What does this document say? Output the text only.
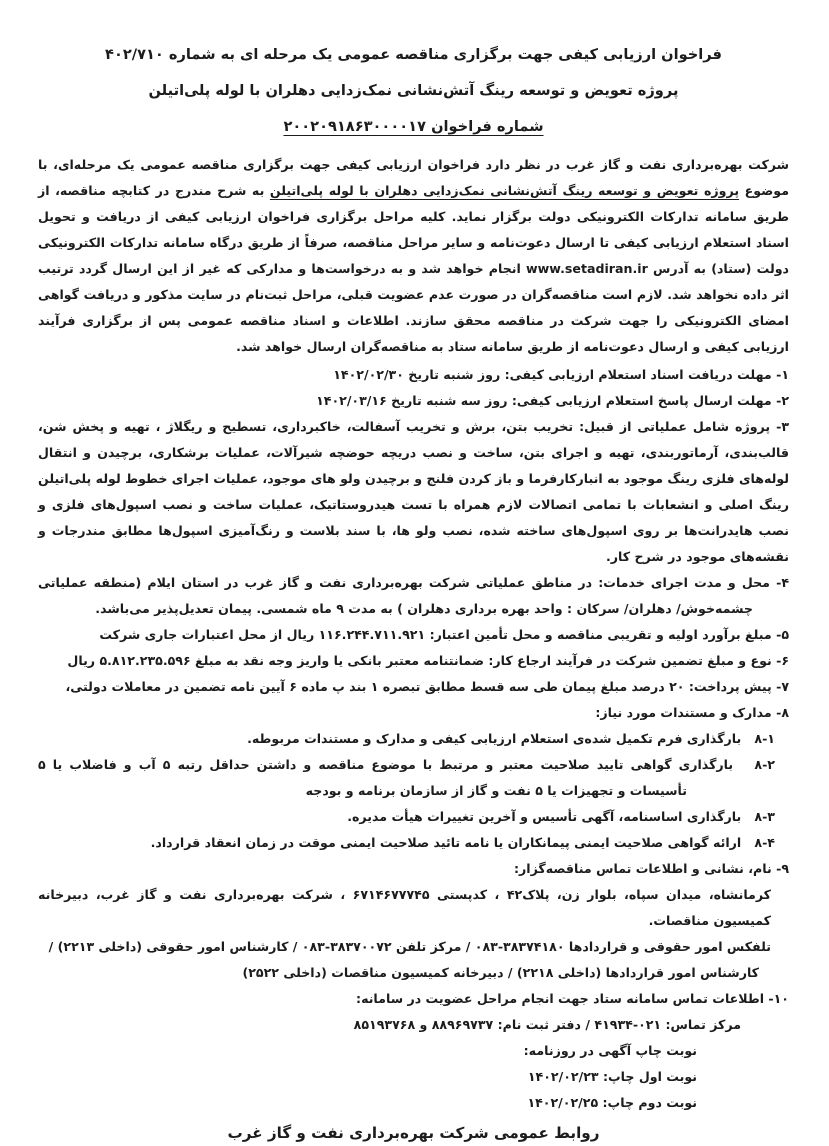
فراخوان ارزیابی کیفی جهت برگزاری مناقصه عمومی یک مرحله ای به شماره ۴۰۲/۷۱۰
پروژه تعویض و توسعه رینگ آتش‌نشانی نمک‌زدایی دهلران با لوله پلی‌اتیلن
شماره فراخوان ۲۰۰۲۰۹۱۸۶۳۰۰۰۰۱۷

شرکت بهره‌برداری نفت و گاز غرب در نظر دارد فراخوان ارزیابی کیفی جهت برگزاری مناقصه عمومی یک مرحله‌ای، با موضوع پروژه تعویض و توسعه رینگ آتش‌نشانی نمک‌زدایی دهلران با لوله پلی‌اتیلن به شرح مندرج در کتابچه مناقصه، از طریق سامانه تدارکات الکترونیکی دولت برگزار نماید. کلیه مراحل برگزاری فراخوان ارزیابی کیفی از دریافت و تحویل اسناد استعلام ارزیابی کیفی تا ارسال دعوت‌نامه و سایر مراحل مناقصه، صرفاً از طریق درگاه سامانه تدارکات الکترونیکی دولت (ستاد) به آدرس www.setadiran.ir انجام خواهد شد و به درخواست‌ها و مدارکی که غیر از این ارسال گردد ترتیب اثر داده نخواهد شد. لازم است مناقصه‌گران در صورت عدم عضویت قبلی، مراحل ثبت‌نام در سایت مذکور و دریافت گواهی امضای الکترونیکی را جهت شرکت در مناقصه محقق سازند. اطلاعات و اسناد مناقصه عمومی پس از برگزاری فرآیند ارزیابی کیفی و ارسال دعوت‌نامه از طریق سامانه ستاد به مناقصه‌گران ارسال خواهد شد.

۱- مهلت دریافت اسناد استعلام ارزیابی کیفی: روز شنبه تاریخ ۱۴۰۲/۰۲/۳۰
۲- مهلت ارسال پاسخ استعلام ارزیابی کیفی: روز سه شنبه تاریخ ۱۴۰۲/۰۳/۱۶
۳- پروژه شامل عملیاتی از قبیل: تخریب بتن، برش و تخریب آسفالت، خاکبرداری، تسطیح و ریگلاژ ، تهیه و پخش شن، قالب‌بندی، آرماتوربندی، تهیه و اجرای بتن، ساخت و نصب دریچه حوضچه شیرآلات، عملیات برشکاری، برچیدن و انتقال لوله‌های فلزی رینگ موجود به انبارکارفرما و باز کردن فلنج و برچیدن ولو های موجود، عملیات اجرای خطوط لوله پلی‌اتیلن رینگ اصلی و انشعابات با تمامی اتصالات لازم همراه با تست هیدروستاتیک، عملیات ساخت و نصب اسپول‌های فلزی و نصب هایدرانت‌ها بر روی اسپول‌های ساخته شده، نصب ولو ها، با سند بلاست و رنگ‌آمیزی اسپول‌ها مطابق مندرجات و نقشه‌های موجود در شرح کار.
۴- محل و مدت اجرای خدمات: در مناطق عملیاتی شرکت بهره‌برداری نفت و گاز غرب در استان ایلام (منطقه عملیاتی چشمه‌خوش/ دهلران/ سرکان : واحد بهره برداری دهلران ) به مدت ۹ ماه شمسی. پیمان تعدیل‌پذیر می‌باشد.
۵- مبلغ برآورد اولیه و تقریبی مناقصه و محل تأمین اعتبار: ۱۱۶.۲۴۴.۷۱۱.۹۲۱ ریال از محل اعتبارات جاری شرکت
۶- نوع و مبلغ تضمین شرکت در فرآیند ارجاع کار: ضمانتنامه معتبر بانکی یا واریز وجه نقد به مبلغ ۵.۸۱۲.۲۳۵.۵۹۶ ریال
۷- پیش پرداخت: ۲۰ درصد مبلغ پیمان طی سه قسط مطابق تبصره ۱ بند پ ماده ۶ آیین نامه تضمین در معاملات دولتی،
۸- مدارک و مستندات مورد نیاز:
۸-۱   بارگذاری فرم تکمیل شده‌ی استعلام ارزیابی کیفی و مدارک و مستندات مربوطه.
۸-۲   بارگذاری گواهی تایید صلاحیت معتبر و مرتبط با موضوع مناقصه و داشتن حداقل رتبه ۵ آب و فاضلاب یا ۵ تأسیسات و تجهیزات یا ۵ نفت و گاز از سازمان برنامه و بودجه
۸-۳   بارگذاری اساسنامه، آگهی تأسیس و آخرین تغییرات هیأت مدیره.
۸-۴   ارائه گواهی صلاحیت ایمنی پیمانکاران یا نامه تائید صلاحیت ایمنی موقت در زمان انعقاد قرارداد.
۹- نام، نشانی و اطلاعات تماس مناقصه‌گزار:
کرمانشاه، میدان سپاه، بلوار زن، پلاک۴۲ ، کدپستی ۶۷۱۴۶۷۷۷۴۵ ، شرکت بهره‌برداری نفت و گاز غرب، دبیرخانه کمیسیون مناقصات.
تلفکس امور حقوقی و قراردادها ⁦۰۸۳-۳۸۳۷۴۱۸۰⁩ / مرکز تلفن ⁦۰۸۳-۳۸۳۷۰۰۷۲⁩ / کارشناس امور حقوقی (داخلی ۲۲۱۳) /
کارشناس امور قراردادها (داخلی ۲۲۱۸) / دبیرخانه کمیسیون مناقصات (داخلی ۲۵۲۲)
۱۰- اطلاعات تماس سامانه ستاد جهت انجام مراحل عضویت در سامانه:
مرکز تماس: ۰۲۱-۴۱۹۳۴ / دفتر ثبت نام: ۸۸۹۶۹۷۳۷ و ۸۵۱۹۳۷۶۸
نوبت چاپ آگهی در روزنامه:
نوبت اول چاپ: ۱۴۰۲/۰۲/۲۳
نوبت دوم چاپ: ۱۴۰۲/۰۲/۲۵
روابط عمومی شرکت بهره‌برداری نفت و گاز غرب
